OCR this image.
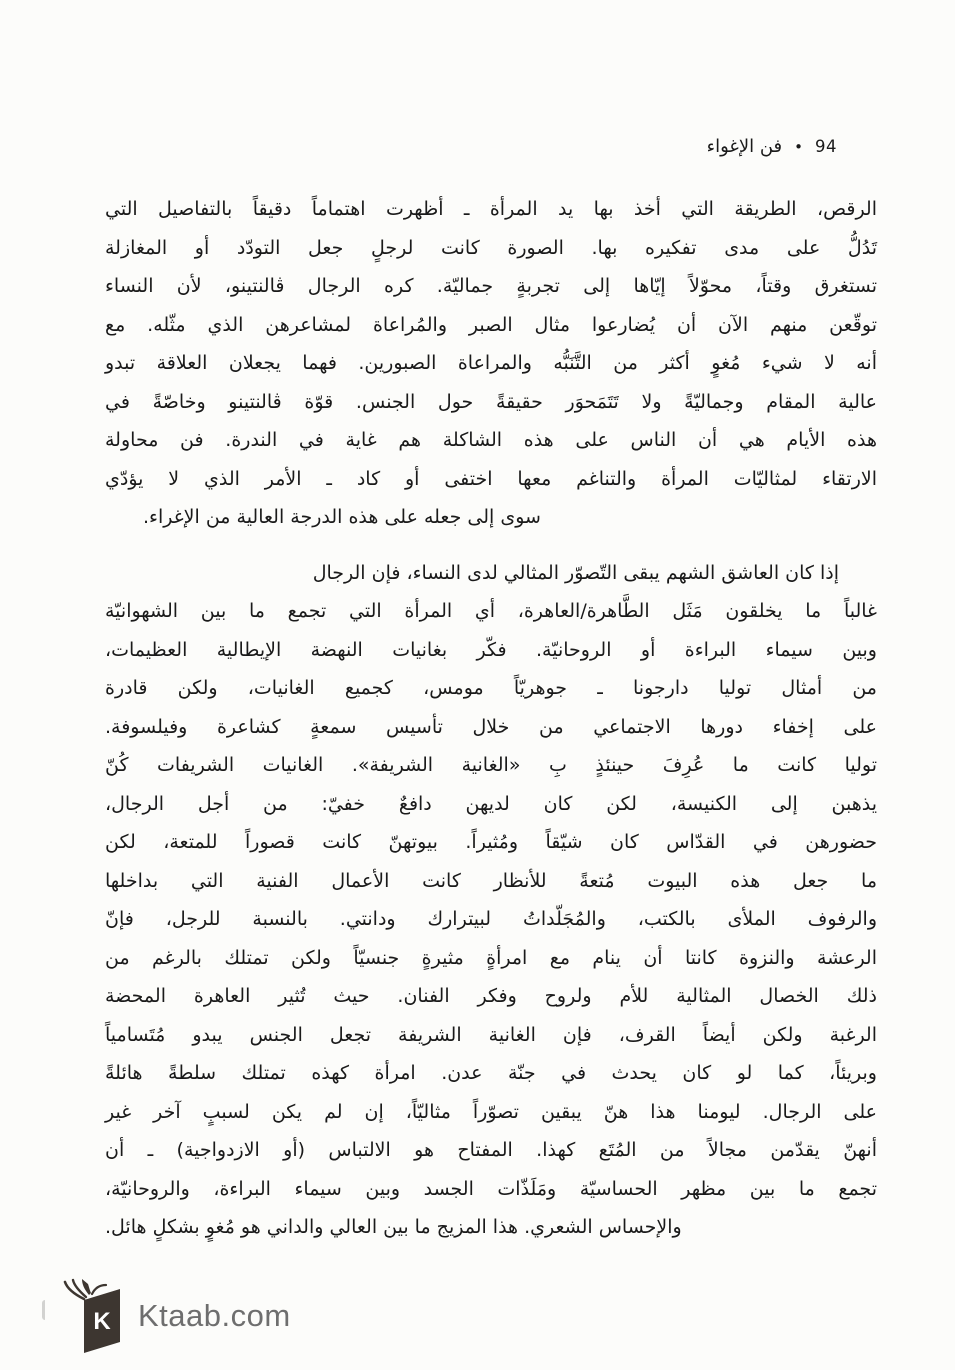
فن الإغواء • 94
الرقص، الطريقة التي أخذ بها يد المرأة ـ أظهرت اهتماماً دقيقاً بالتفاصيل التي
تَدُلُّ على مدى تفكيره بها. الصورة كانت لرجلٍ جعل التودّد أو المغازلة
تستغرق وقتاً، محوّلاً إيّاها إلى تجربةٍ جماليّة. كره الرجال ڤالنتينو، لأن النساء
توقّعن منهم الآن أن يُضارعوا مثال الصبر والمُراعاة لمشاعرهن الذي مثّله. مع
أنه لا شيء مُغوٍ أكثر من التَّنَبُّه والمراعاة الصبورين. فهما يجعلان العلاقة تبدو
عالية المقام وجماليّةً ولا تَتَمَحوَر حقيقةً حول الجنس. قوّة ڤالنتينو وخاصّةً في
هذه الأيام هي أن الناس على هذه الشاكلة هم غاية في الندرة. فن محاولة
الارتقاء لمثاليّات المرأة والتناغم معها اختفى أو كاد ـ الأمر الذي لا يؤدّي
سوى إلى جعله على هذه الدرجة العالية من الإغراء.
إذا كان العاشق الشهم يبقى التّصوّر المثالي لدى النساء، فإن الرجال
غالباً ما يخلقون مَثَل الطَّاهرة/العاهرة، أي المرأة التي تجمع ما بين الشهوانيّة
وبين سيماء البراءة أو الروحانيّة. فكّر بغانيات النهضة الإيطالية العظيمات،
من أمثال توليا دارجونا ـ جوهريّاً مومس، كجميع الغانيات، ولكن قادرة
على إخفاء دورها الاجتماعي من خلال تأسيس سمعةٍ كشاعرة وفيلسوفة.
توليا كانت ما عُرِفَ حينئذٍ بِ «الغانية الشريفة». الغانيات الشريفات كُنّ
يذهبن إلى الكنيسة، لكن كان لديهن دافعٌ خفيّ: من أجل الرجال،
حضورهن في القدّاس كان شيّقاً ومُثيراً. بيوتهنّ كانت قصوراً للمتعة، لكن
ما جعل هذه البيوت مُتعةً للأنظار كانت الأعمال الفنية التي بداخلها
والرفوف الملأى بالكتب، والمُجَلّداتُ لبيترارك ودانتي. بالنسبة للرجل، فإنّ
الرعشة والنزوة كانتا أن ينام مع امرأةٍ مثيرةٍ جنسيّاً ولكن تمتلك بالرغم من
ذلك الخصال المثالية للأم ولروح وفكر الفنان. حيث تُثير العاهرة المحضة
الرغبة ولكن أيضاً القرف، فإن الغانية الشريفة تجعل الجنس يبدو مُتَسامياً
وبريئاً، كما لو كان يحدث في جنّة عدن. امرأة كهذه تمتلك سلطةً هائلةً
على الرجال. ليومنا هذا هنّ يبقين تصوّراً مثاليّاً، إن لم يكن لسببٍ آخر غير
أنهنّ يقدّمن مجالاً من المُتَع كهذا. المفتاح هو الالتباس (أو الازدواجية) ـ أن
تجمع ما بين مظهر الحساسيّة ومَلَذّات الجسد وبين سيماء البراءة، والروحانيّة،
والإحساس الشعري. هذا المزيج ما بين العالي والداني هو مُغوٍ بشكلٍ هائل.
K Ktaab.com
